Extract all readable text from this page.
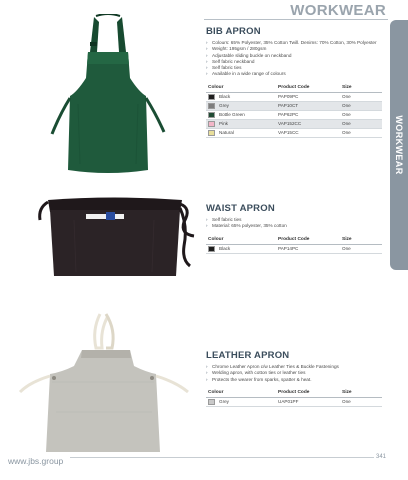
WORKWEAR
WORKWEAR
BIB APRON
› Colours: 65% Polyester, 35% Cotton Twill. Denims: 70% Cotton, 30% Polyester
› Weight: 195gsm / 280gsm
› Adjustable sliding buckle on neckband
› Self fabric neckband
› Self fabric ties
› Available in a wide range of colours
Colour	Product Code	Size
Black	PAP09PC	One
Grey	PAP10CT	One
Bottle Green	PAP62PC	One
Pink	VAP152CC	One
Natural	VAP15CC	One
WAIST APRON
› Self fabric ties
› Material: 65% polyester, 35% cotton
Colour	Product Code	Size
Black	PAP14PC	One
LEATHER APRON
› Chrome Leather Apron c/w Leather Ties & Buckle Fastenings
› Welding apron, with cotton ties or leather ties
› Protects the wearer from sparks, spatter & heat.
Colour	Product Code	Size
Grey	UAP01PF	One
www.jbs.group	341
